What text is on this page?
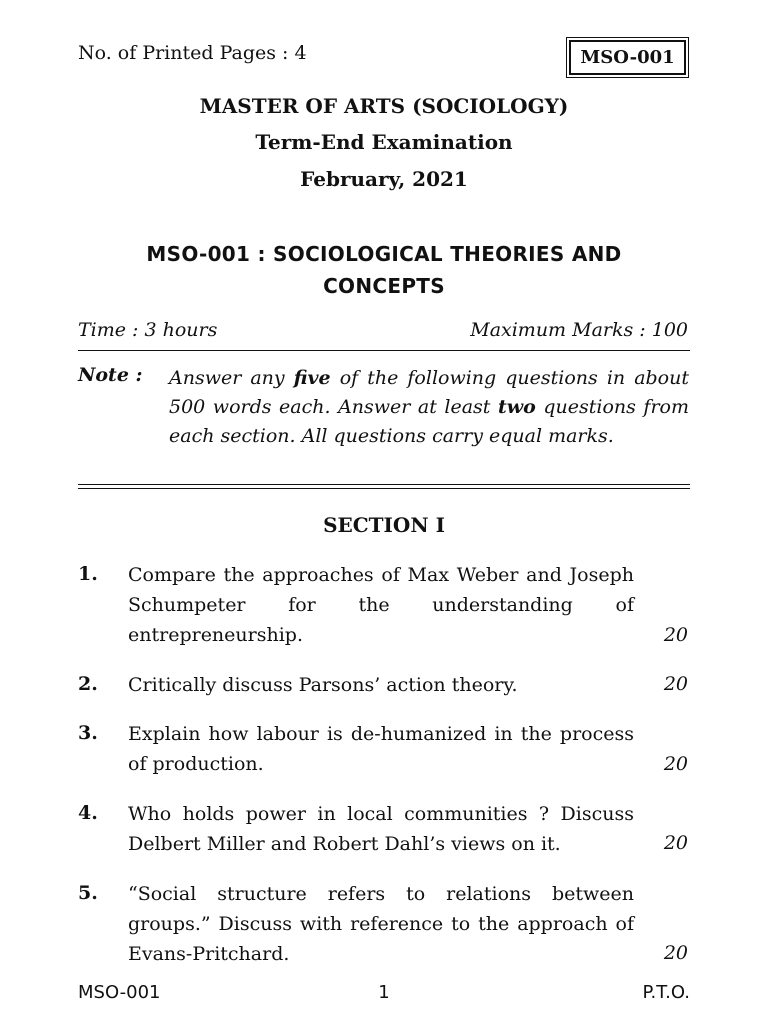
No. of Printed Pages : 4	MSO-001
MASTER OF ARTS (SOCIOLOGY)
Term-End Examination
February, 2021
MSO-001 : SOCIOLOGICAL THEORIES AND
CONCEPTS
Time : 3 hours	Maximum Marks : 100
Note : Answer any five of the following questions in about 500 words each. Answer at least two questions from each section. All questions carry equal marks.
SECTION I
1. Compare the approaches of Max Weber and Joseph Schumpeter for the understanding of entrepreneurship.	20
2. Critically discuss Parsons’ action theory.	20
3. Explain how labour is de-humanized in the process of production.	20
4. Who holds power in local communities ? Discuss Delbert Miller and Robert Dahl’s views on it.	20
5. “Social structure refers to relations between groups.” Discuss with reference to the approach of Evans-Pritchard.	20
MSO-001	1	P.T.O.
